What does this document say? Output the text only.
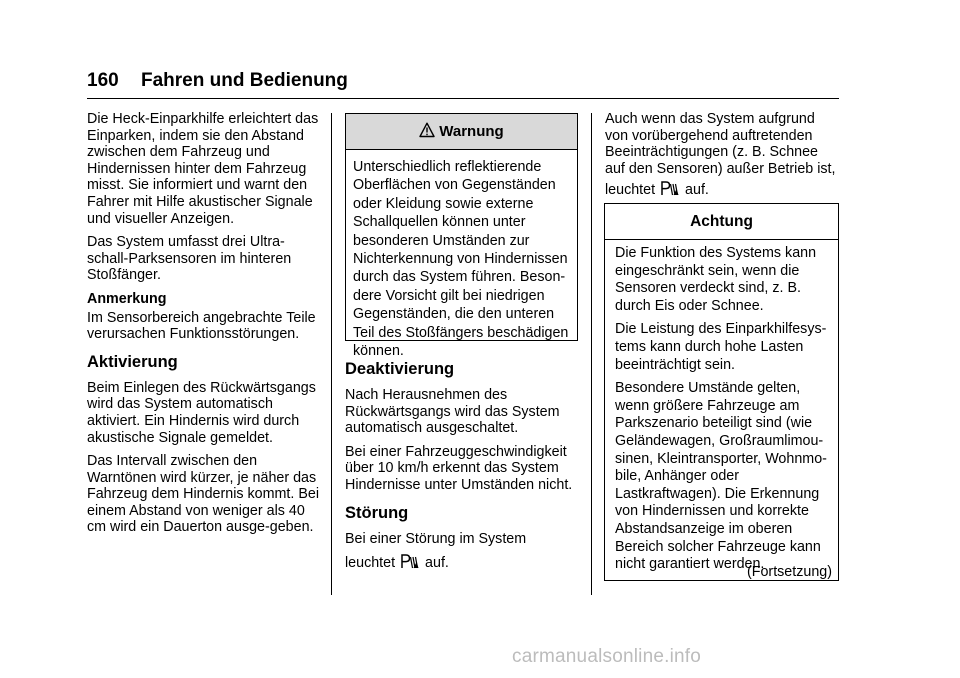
160 Fahren und Bedienung

Die Heck-Einparkhilfe erleichtert das Einparken, indem sie den Abstand zwischen dem Fahrzeug und Hindernissen hinter dem Fahrzeug misst. Sie informiert und warnt den Fahrer mit Hilfe akustischer Signale und visueller Anzeigen.

Das System umfasst drei Ultra-schall-Parksensoren im hinteren Stoßfänger.

Anmerkung

Im Sensorbereich angebrachte Teile verursachen Funktionsstörungen.

Aktivierung

Beim Einlegen des Rückwärtsgangs wird das System automatisch aktiviert. Ein Hindernis wird durch akustische Signale gemeldet.

Das Intervall zwischen den Warntönen wird kürzer, je näher das Fahrzeug dem Hindernis kommt. Bei einem Abstand von weniger als 40 cm wird ein Dauerton ausge-geben.

Warnung
Unterschiedlich reflektierende Oberflächen von Gegenständen oder Kleidung sowie externe Schallquellen können unter besonderen Umständen zur Nichterkennung von Hindernissen durch das System führen. Beson-dere Vorsicht gilt bei niedrigen Gegenständen, die den unteren Teil des Stoßfängers beschädigen können.
Deaktivierung

Nach Herausnehmen des Rückwärtsgangs wird das System automatisch ausgeschaltet.

Bei einer Fahrzeuggeschwindigkeit über 10 km/h erkennt das System Hindernisse unter Umständen nicht.

Störung

Bei einer Störung im System

leuchtet auf.

Auch wenn das System aufgrund von vorübergehend auftretenden Beeinträchtigungen (z. B. Schnee auf den Sensoren) außer Betrieb ist,

leuchtet auf.

Achtung

Die Funktion des Systems kann eingeschränkt sein, wenn die Sensoren verdeckt sind, z. B. durch Eis oder Schnee.

Die Leistung des Einparkhilfesys-tems kann durch hohe Lasten beeinträchtigt sein.

Besondere Umstände gelten, wenn größere Fahrzeuge am Parkszenario beteiligt sind (wie Geländewagen, Großraumlimou-sinen, Kleintransporter, Wohnmo-bile, Anhänger oder Lastkraftwagen). Die Erkennung von Hindernissen und korrekte Abstandsanzeige im oberen Bereich solcher Fahrzeuge kann nicht garantiert werden.

(Fortsetzung)
carmanualsonline.info
